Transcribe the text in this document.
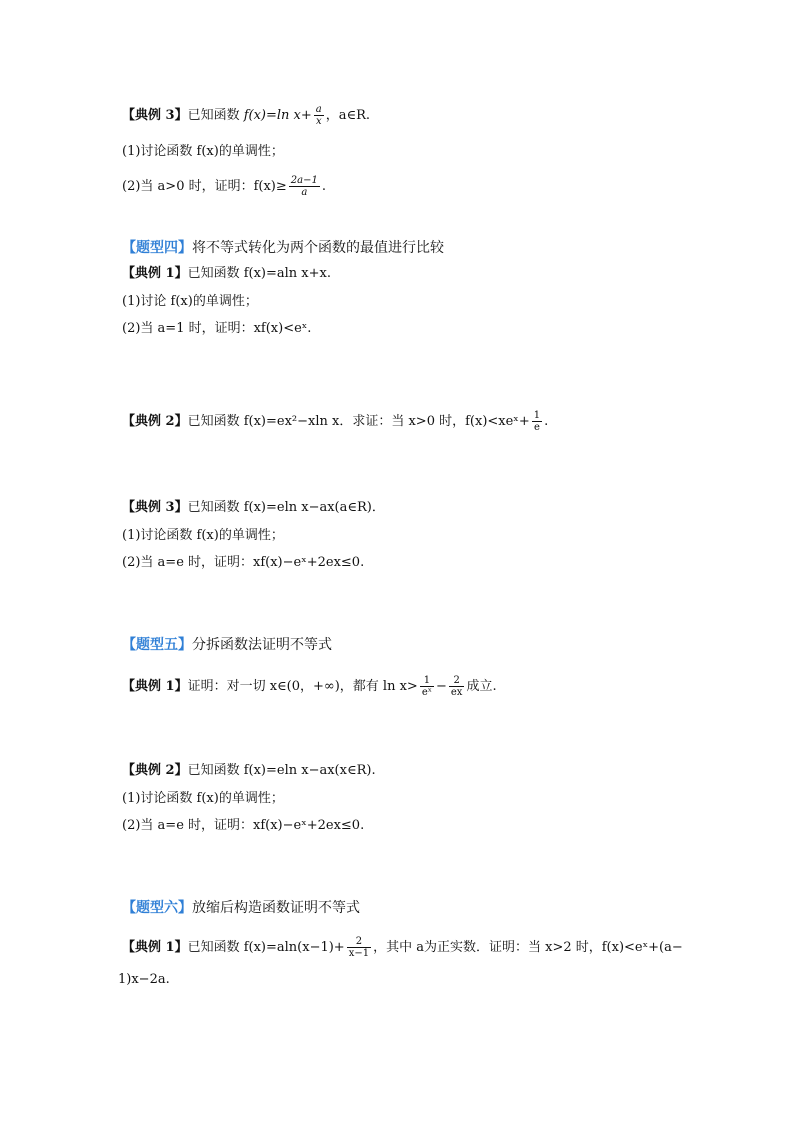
【典例 3】已知函数 f(x)=ln $x+ \frac{a}{x}$ ，a∈R.
(1)讨论函数 f(x)的单调性；
(2)当 a>0 时，证明：$f(x)\ge \frac{2a-1}{a}$ .
【题型四】将不等式转化为两个函数的最值进行比较
【典例 1】已知函数 f(x)=aln x+x.
(1)讨论 f(x)的单调性；
(2)当 a=1 时，证明：xf(x)<eˣ.
【典例 2】已知函数 f(x)=ex²−xln x．求证：当 x>0 时，f(x)<xeˣ+ $\frac{1}{e}$ .
【典例 3】已知函数 f(x)=eln x−ax(a∈R)．
(1)讨论函数 f(x)的单调性；
(2)当 a=e 时，证明：xf(x)−eˣ+2ex≤0.
【题型五】分拆函数法证明不等式
【典例 1】证明：对一切 x∈(0，+∞)，都有 $\ln x> \frac{1}{\text{eˣ}} - \frac{2}{ex}$ 成立.
【典例 2】已知函数 f(x)=eln x−ax(x∈R).
(1)讨论函数 f(x)的单调性；
(2)当 a=e 时，证明：xf(x)−eˣ+2ex≤0.
【题型六】放缩后构造函数证明不等式
【典例 1】已知函数 $f(x)=aln(x-1)+ \frac{2}{x-1}$ ，其中 a为正实数．证明：当 x>2 时，f(x)<eˣ+(a−
1)x−2a.
